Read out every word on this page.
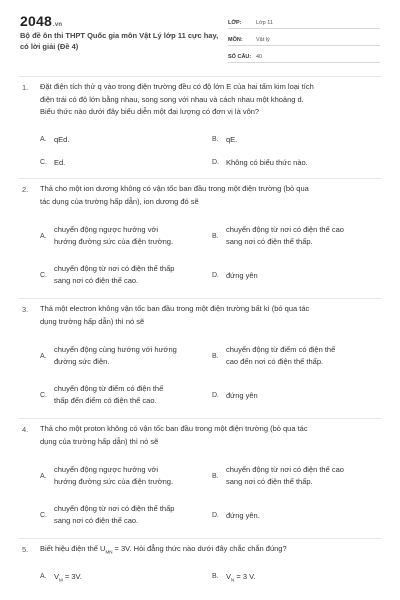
2048.vn
Bộ đề ôn thi THPT Quốc gia môn Vật Lý lớp 11 cực hay, có lời giải (Đề 4)
LỚP:	Lớp 11
MÔN:	Vật lý
SỐ CÂU: 40
1. Đặt điện tích thử q vào trong điện trường đều có độ lớn E của hai tấm kim loại tích
điện trái có độ lớn bằng nhau, song song với nhau và cách nhau một khoảng d.
Biểu thức nào dưới đây biểu diễn một đại lượng có đơn vị là vôn?
A. qEd.	B. qE.
C. Ed.	D. Không có biểu thức nào.
2. Thả cho một ion dương không có vận tốc ban đầu trong một điện trường (bỏ qua
tác dụng của trường hấp dẫn), ion dương đó sẽ
A.
chuyển động ngược hướng với
hướng đường sức của điện trường.
B.
chuyển động từ nơi có điện thế cao
sang nơi có điện thế thấp.
C.
chuyển động từ nơi có điện thế thấp
sang nơi có điện thế cao.
D. đứng yên
3. Thả một electron không vận tốc ban đầu trong một điện trường bất kì (bỏ qua tác
dụng trường hấp dẫn) thì nó sẽ
A.
chuyển động cùng hướng với hướng
đường sức điện.
B.
chuyển động từ điểm có điện thế
cao đến nơi có điện thế thấp.
C.
chuyển động từ điểm có điện thế
thấp đến điểm có điện thế cao.
D. đứng yên
4. Thả cho một proton không có vận tốc ban đầu trong một điện trường (bỏ qua tác
dụng của trường hấp dẫn) thì nó sẽ
A.
chuyển động ngược hướng với
hướng đường sức của điện trường.
B.
chuyển động từ nơi có điện thế cao
sang nơi có điện thế thấp.
C.
chuyển động từ nơi có điện thế thấp
sang nơi có điện thế cao.
D. đứng yên.
5. Biết hiệu điện thế $U_{MN} = 3V$. Hỏi đẳng thức nào dưới đây chắc chắn đúng?
A. $V_M = 3V$.	B. $V_N = 3$ V.
